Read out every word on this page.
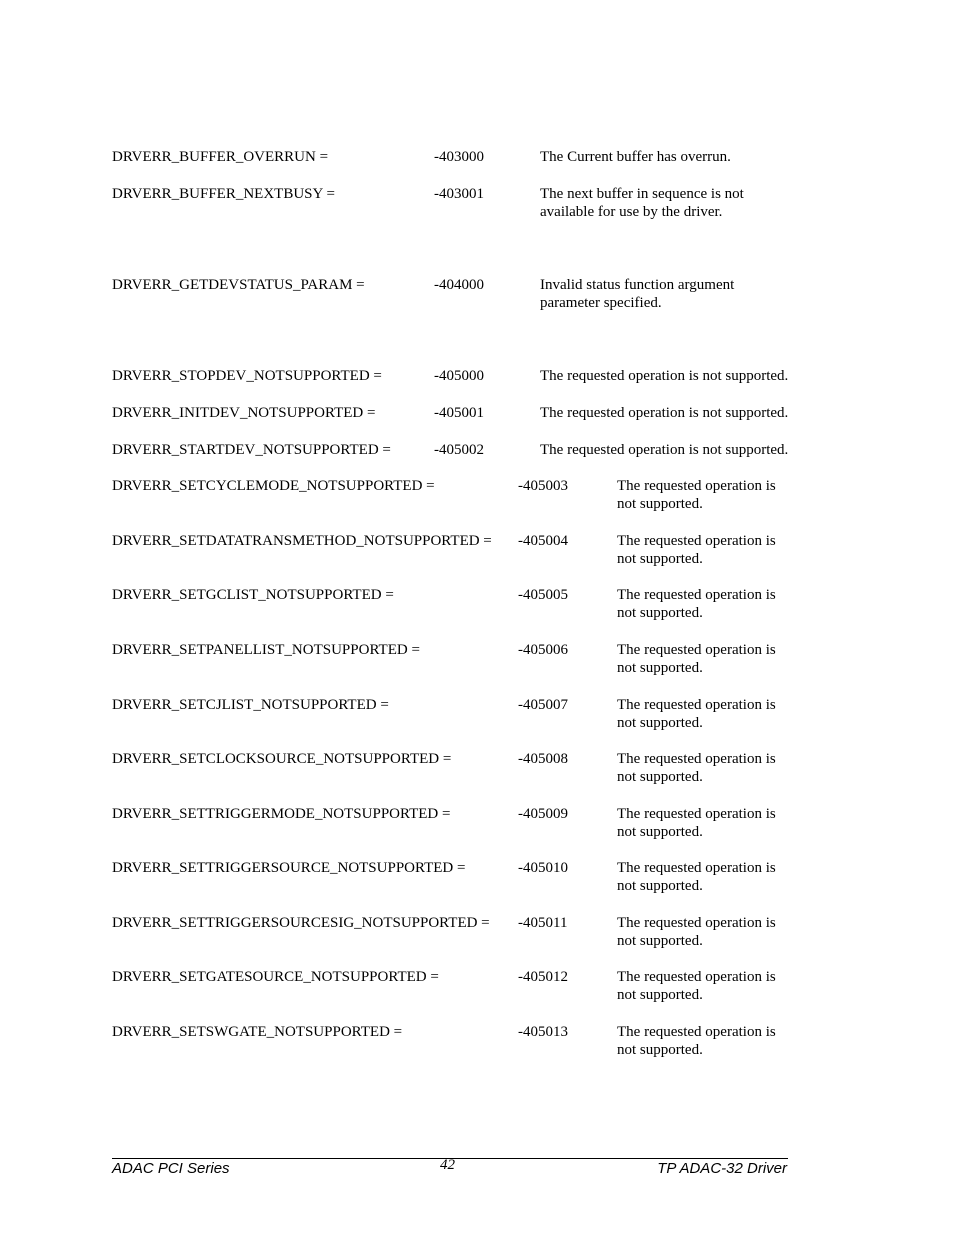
DRVERR_BUFFER_OVERRUN =	-403000	The Current buffer has overrun.
DRVERR_BUFFER_NEXTBUSY =	-403001	The next buffer in sequence is not
available for use by the driver.
DRVERR_GETDEVSTATUS_PARAM =	-404000	Invalid status function argument
parameter specified.
DRVERR_STOPDEV_NOTSUPPORTED =	-405000	The requested operation is not supported.
DRVERR_INITDEV_NOTSUPPORTED =	-405001	The requested operation is not supported.
DRVERR_STARTDEV_NOTSUPPORTED =	-405002	The requested operation is not supported.
DRVERR_SETCYCLEMODE_NOTSUPPORTED =	-405003	The requested operation is
not supported.
DRVERR_SETDATATRANSMETHOD_NOTSUPPORTED = -405004	The requested operation is
not supported.
DRVERR_SETGCLIST_NOTSUPPORTED =	-405005	The requested operation is
not supported.
DRVERR_SETPANELLIST_NOTSUPPORTED =	-405006	The requested operation is
not supported.
DRVERR_SETCJLIST_NOTSUPPORTED =	-405007	The requested operation is
not supported.
DRVERR_SETCLOCKSOURCE_NOTSUPPORTED =	-405008	The requested operation is
not supported.
DRVERR_SETTRIGGERMODE_NOTSUPPORTED =	-405009	The requested operation is
not supported.
DRVERR_SETTRIGGERSOURCE_NOTSUPPORTED =	-405010	The requested operation is
not supported.
DRVERR_SETTRIGGERSOURCESIG_NOTSUPPORTED = -405011	The requested operation is
not supported.
DRVERR_SETGATESOURCE_NOTSUPPORTED =	-405012	The requested operation is
not supported.
DRVERR_SETSWGATE_NOTSUPPORTED =	-405013	The requested operation is
not supported.
ADAC PCI Series	42	TP ADAC-32 Driver
